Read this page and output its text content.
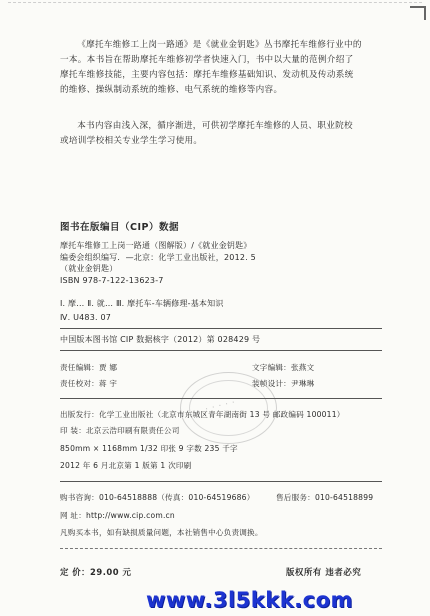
《摩托车维修工上岗一路通》是《就业金钥匙》丛书摩托车维修行业中的

一本。本书旨在帮助摩托车维修初学者快速入门，书中以大量的范例介绍了
摩托车维修技能，主要内容包括：摩托车维修基础知识、发动机及传动系统
的维修、操纵制动系统的维修、电气系统的维修等内容。

本书内容由浅入深，循序渐进，可供初学摩托车维修的人员、职业院校

或培训学校相关专业学生学习使用。
图书在版编目（CIP）数据
摩托车维修工上岗一路通（图解版）/《就业金钥匙》
编委会组织编写．—北京：化学工业出版社，2012. 5
（就业金钥匙）
ISBN 978-7-122-13623-7
Ⅰ. 摩… Ⅱ. 就… Ⅲ. 摩托车-车辆修理-基本知识
Ⅳ. U483. 07
中国版本图书馆 CIP 数据核字（2012）第 028429 号
责任编辑：贾 娜	文字编辑：张燕文
责任校对：蒋 宇	装帧设计：尹琳琳
·····
出版发行：化学工业出版社（北京市东城区青年湖南街 13 号 邮政编码 100011）
印 装：北京云浩印刷有限责任公司
850mm × 1168mm 1/32 印张 9 字数 235 千字
2012 年 6 月北京第 1 版第 1 次印刷
购书咨询：010-64518888（传真：010-64519686）	售后服务：010-64518899
网 址：http://www.cip.com.cn
凡购买本书，如有缺损质量问题，本社销售中心负责调换。
定 价：29.00 元	版权所有 违者必究
www.3l5kkk.com
